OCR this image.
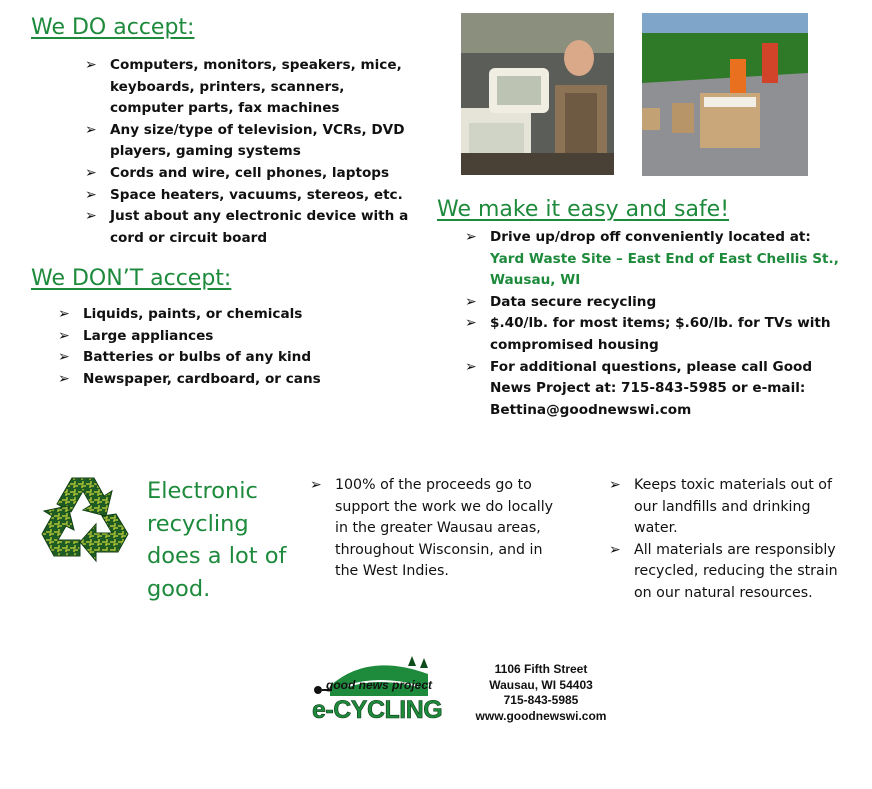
We DO accept:
➢ Computers, monitors, speakers, mice, keyboards, printers, scanners, computer parts, fax machines
➢ Any size/type of television, VCRs, DVD players, gaming systems
➢ Cords and wire, cell phones, laptops
➢ Space heaters, vacuums, stereos, etc.
➢ Just about any electronic device with a cord or circuit board
We DON’T accept:
➢ Liquids, paints, or chemicals
➢ Large appliances
➢ Batteries or bulbs of any kind
➢ Newspaper, cardboard, or cans
We make it easy and safe!
➢ Drive up/drop off conveniently located at:
Yard Waste Site – East End of East Chellis St., Wausau, WI
➢ Data secure recycling
➢ $.40/lb. for most items; $.60/lb. for TVs with compromised housing
➢ For additional questions, please call Good News Project at: 715-843-5985 or e-mail: Bettina@goodnewswi.com
Electronic recycling does a lot of good.
➢ 100% of the proceeds go to support the work we do locally in the greater Wausau areas, throughout Wisconsin, and in the West Indies.
➢ Keeps toxic materials out of our landfills and drinking water.
➢ All materials are responsibly recycled, reducing the strain on our natural resources.
good news project
e-CYCLING
1106 Fifth Street
Wausau, WI 54403
715-843-5985
www.goodnewswi.com
